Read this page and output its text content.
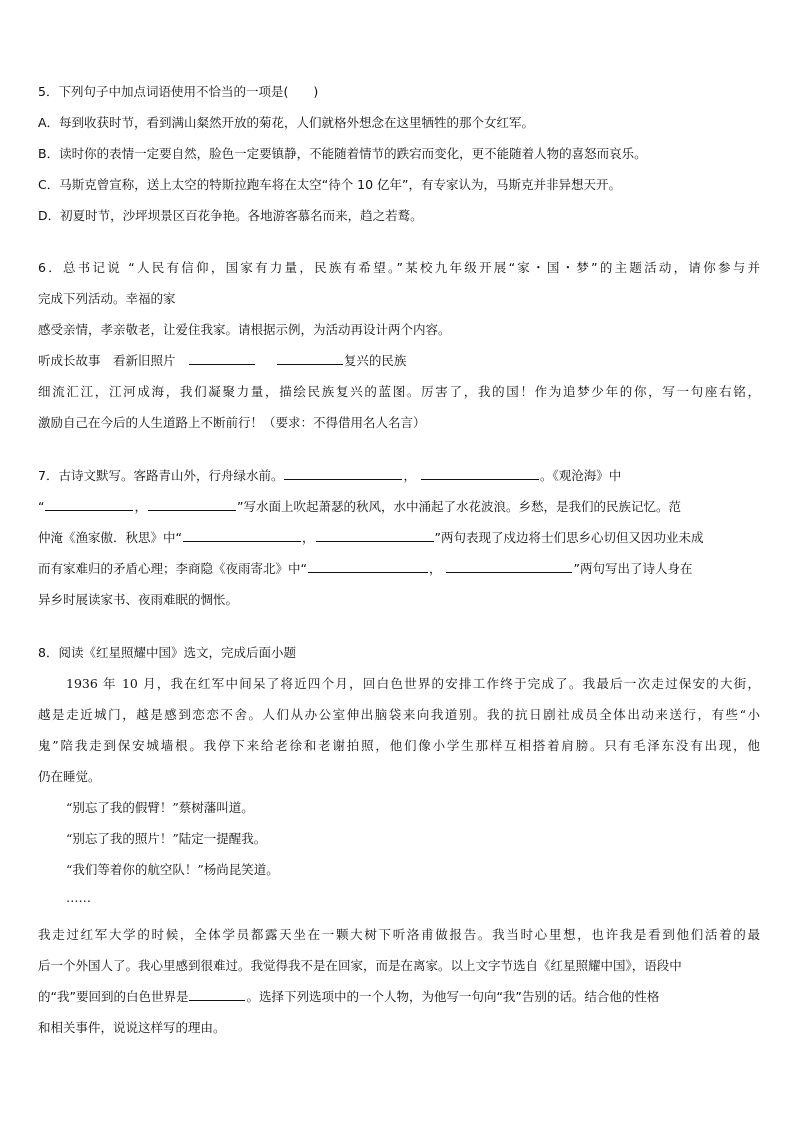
5．下列句子中加点词语使用不恰当的一项是(　　)
A．每到收获时节，看到满山粲然开放的菊花，人们就格外想念在这里牺牲的那个女红军。
B．读时你的表情一定要自然，脸色一定要镇静，不能随着情节的跌宕而变化，更不能随着人物的喜怒而哀乐。
C．马斯克曾宣称，送上太空的特斯拉跑车将在太空“待个 10 亿年”，有专家认为，马斯克并非异想天开。
D．初夏时节，沙坪坝景区百花争艳。各地游客慕名而来，趋之若鹜。
6．总书记说 “人民有信仰，国家有力量，民族有希望。”某校九年级开展“家・国・梦”的主题活动，请你参与并
完成下列活动。幸福的家
感受亲情，孝亲敬老，让爱住我家。请根据示例，为活动再设计两个内容。
听成长故事　看新旧照片　	复兴的民族
细流汇江，江河成海，我们凝聚力量，描绘民族复兴的蓝图。厉害了，我的国！作为追梦少年的你，写一句座右铭，
激励自己在今后的人生道路上不断前行！（要求：不得借用名人名言）
7．古诗文默写。客路青山外，行舟绿水前。	，	。《观沧海》中
“	，	”写水面上吹起萧瑟的秋风，水中涌起了水花波浪。乡愁，是我们的民族记忆。范
仲淹《渔家傲．秋思》中“	，	”两句表现了戍边将士们思乡心切但又因功业未成
而有家难归的矛盾心理；李商隐《夜雨寄北》中“	，	”两句写出了诗人身在
异乡时展读家书、夜雨难眠的惆怅。
8．阅读《红星照耀中国》选文，完成后面小题
1936 年 10 月，我在红军中间呆了将近四个月，回白色世界的安排工作终于完成了。我最后一次走过保安的大街，
越是走近城门，越是感到恋恋不舍。人们从办公室伸出脑袋来向我道别。我的抗日剧社成员全体出动来送行，有些“小
鬼”陪我走到保安城墙根。我停下来给老徐和老谢拍照，他们像小学生那样互相搭着肩膀。只有毛泽东没有出现，他
仍在睡觉。
“别忘了我的假臂！”蔡树藩叫道。
“别忘了我的照片！”陆定一提醒我。
“我们等着你的航空队！”杨尚昆笑道。
……
我走过红军大学的时候，全体学员都露天坐在一颗大树下听洛甫做报告。我当时心里想，也许我是看到他们活着的最
后一个外国人了。我心里感到很难过。我觉得我不是在回家，而是在离家。以上文字节选自《红星照耀中国》，语段中
的“我”要回到的白色世界是	。选择下列选项中的一个人物，为他写一句向“我”告别的话。结合他的性格
和相关事件，说说这样写的理由。
